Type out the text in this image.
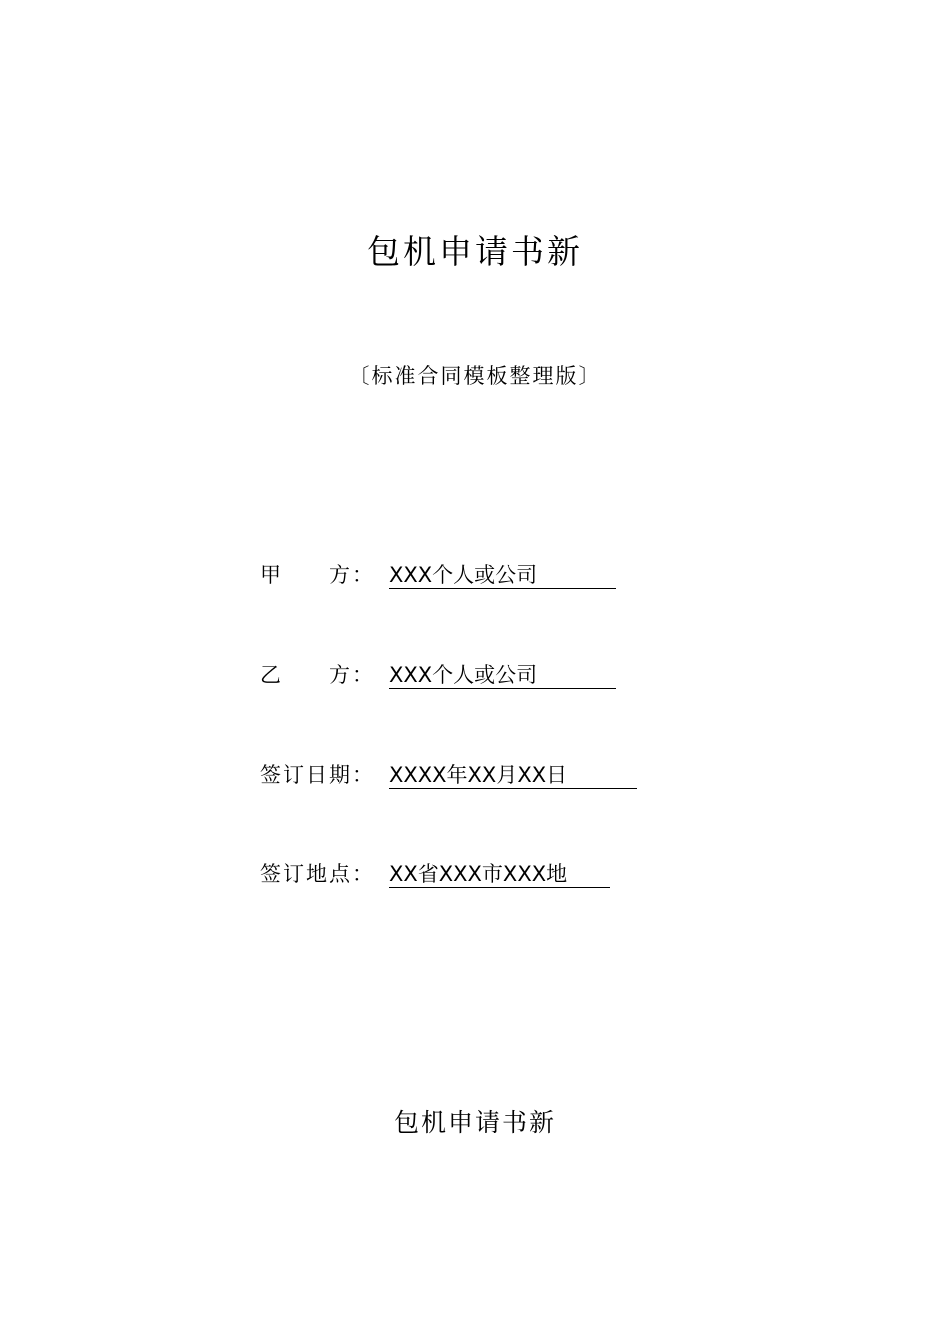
包机申请书新
〔标准合同模板整理版〕
甲　　方： XXX个人或公司
乙　　方： XXX个人或公司
签订日期：XXXX年XX月XX日
签订地点： XX省XXX市XXX地
包机申请书新
